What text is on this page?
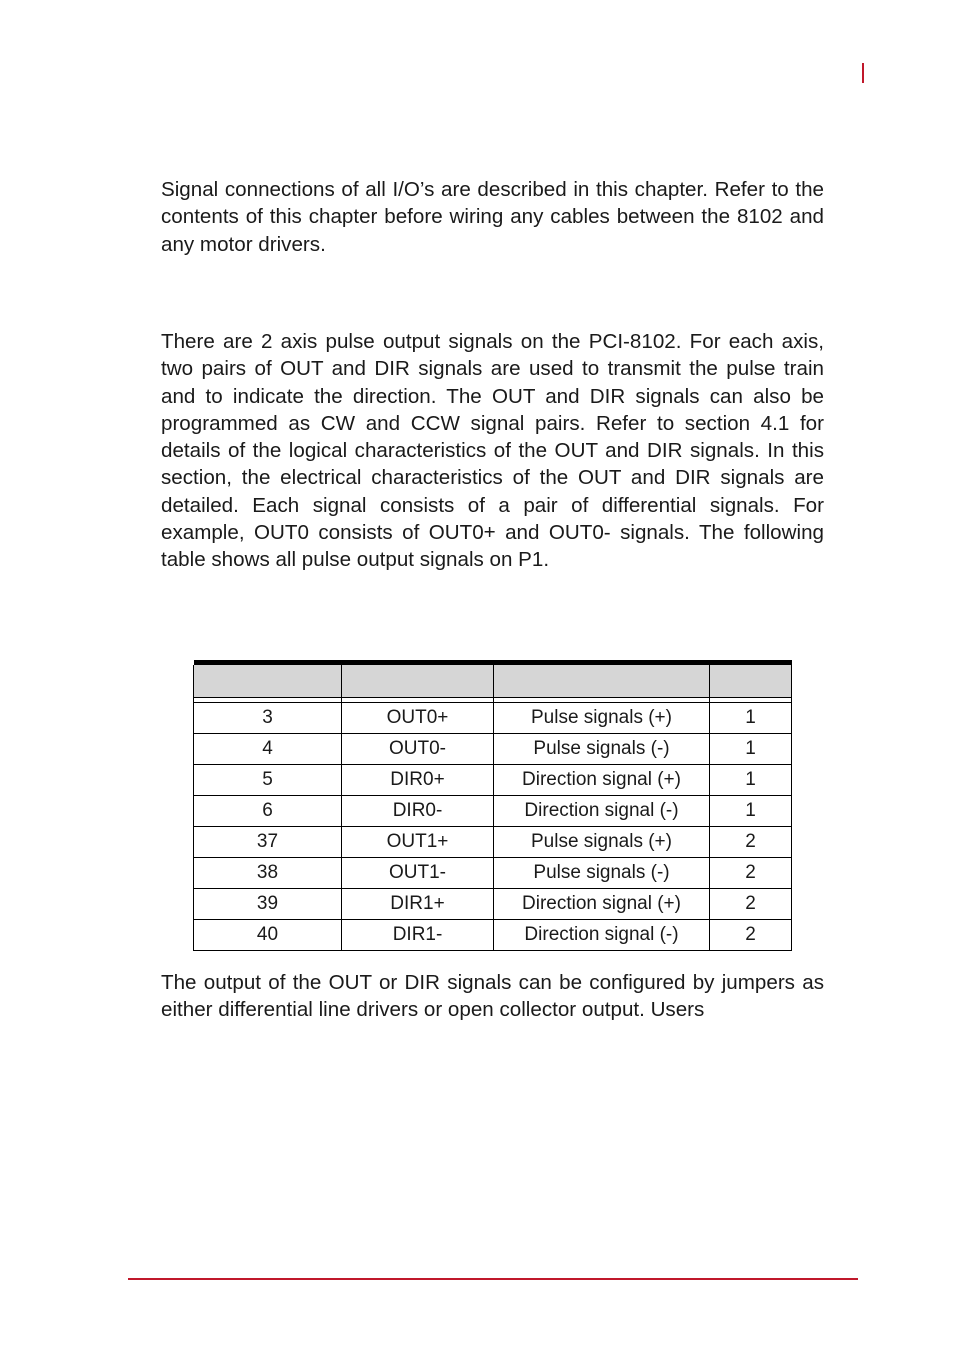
Signal connections of all I/O’s are described in this chapter. Refer to the contents of this chapter before wiring any cables between the 8102 and any motor drivers.

There are 2 axis pulse output signals on the PCI-8102. For each axis, two pairs of OUT and DIR signals are used to transmit the pulse train and to indicate the direction. The OUT and DIR signals can also be programmed as CW and CCW signal pairs. Refer to section 4.1 for details of the logical characteristics of the OUT and DIR signals. In this section, the electrical characteristics of the OUT and DIR signals are detailed. Each signal consists of a pair of differential signals. For example, OUT0 consists of OUT0+ and OUT0- signals. The following table shows all pulse output signals on P1.

3	OUT0+	Pulse signals (+)	1
4	OUT0-	Pulse signals (-)	1
5	DIR0+	Direction signal (+)	1
6	DIR0-	Direction signal (-)	1
37	OUT1+	Pulse signals (+)	2
38	OUT1-	Pulse signals (-)	2
39	DIR1+	Direction signal (+)	2
40	DIR1-	Direction signal (-)	2

The output of the OUT or DIR signals can be configured by jumpers as either differential line drivers or open collector output. Users
